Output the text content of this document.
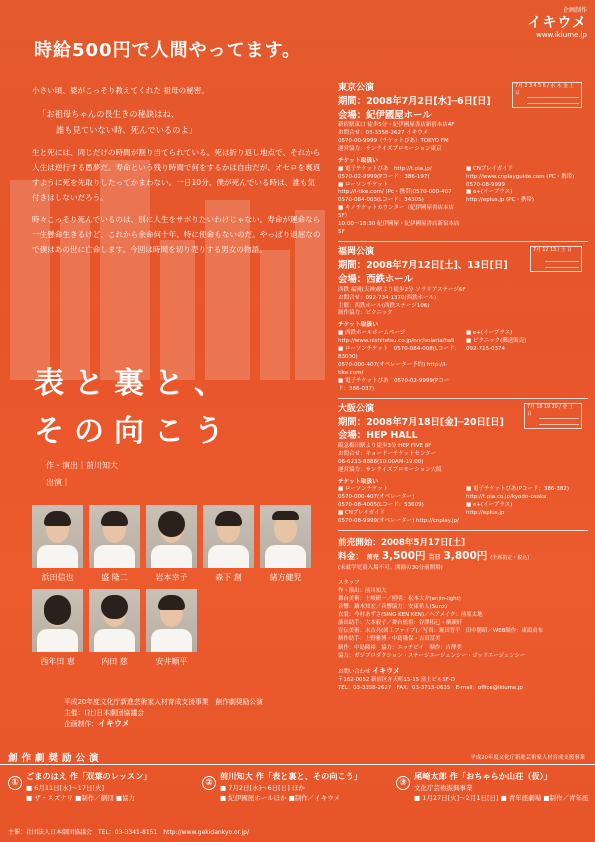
企画制作
イキウメ
www.ikiume.jp
時給500円で人間やってます。

小さい頃、婆がこっそり教えてくれた 祖母の秘密。

「お祖母ちゃんの長生きの秘訣はね、
誰も見ていない時、死んでいるのよ」

生と死には、同じだけの時間が割り当てられている。死は折り返し地点で、それから人生は逆行する愚夢だ。寿命という残り時間で何をするかは自由だが、オセロを裏返すように死を先取りしたってかまわない。一日10分、僕が死んでいる時は、誰も気付きはしないだろう。

時々こっそり死んでいるのは、別に人生をサボりたいわけじゃない。寿命が運命なら一生懸命生きるけど、これから余命何十年、特に使命もないのだ。やっぱり退屈なので僕はあの世に亡命します。今回は時間を切り売りする男女の物語。

表と裏と、
その向こう
作・演出｜前川知大
出演｜
浜田信也	盛 隆二	岩本幸子	森下 創	緒方健児
西年田 恵	内田 慈	安井順平
平成20年度文化庁新進芸術家人材育成支援事業　創作劇奨励公演
主催：(社)日本劇団協議会
企画制作：イキウメ
7月 2 3 4 5 6 / 水 木 金 土 日
東京公演
期間：2008年7月2日[水]─6日[日]
会場：紀伊國屋ホール
新宿駅東口 徒歩5分・紀伊國屋書店新宿本店4F
お問合せ：03-3358-2627 イキウメ
0570-00-9999（チケットぴあ）TOKYO FM
運営協力：サンライズプロモーション東京
チケット取扱い
■ 電子チケットぴあ　http://t.pia.jp/
0570-02-9999(Pコード：386-197)
■ ローソンチケット
http://l-tike.com/ (Pc・携帯)0570-000-407
0570-084-003(Lコード：34305)
■ キノチケットカウンター（紀伊國屋書店本店5F）
10:00～18:30 紀伊國屋・紀伊國屋書店新宿本店5F
■ CNプレイガイド
http://www.cnplayguide.com (PC・携帯)
0570-08-9999
■ e+(イープラス)
http://eplus.jp (PC・携帯)
7月 12 13 / 土 日
福岡公演
期間：2008年7月12日[土]、13日[日]
会場：西鉄ホール
西鉄 福岡(天神)駅より徒歩2分 ソラリアステージ6F
お問合せ：092-734-1370(西鉄ホール)
主催：西鉄ホール(西鉄ステージ106)
制作協力：ピクニック
チケット取扱い
■ 西鉄ホールホームページ
http://www.nishitetsu.co.jp/nnr/solaria/hall
■ ローソンチケット　0570-084-008(Lコード：83030)
0570-000-407(オペレーター予約) http://l-tike.com/
■ 電子チケットぴあ　0570-02-9999(Pコード：386-037)
■ e+(イープラス)
■ ピクニック(郵送販売)
092-715-0374
7月 18 19 20 / 金 土 日
大阪公演
期間：2008年7月18日[金]─20日[日]
会場：HEP HALL
阪急梅田駅より徒歩3分 HEP FIVE 8F
お問合せ：キョードーチケットセンター
06-6233-8888(10:00AM-19:00)
運営協力：サンライズプロモーション大阪
チケット取扱い
■ ローソンチケット
0570-000-407(オペレーター)
0570-08-4005(Lコード：53609)
■ CNプレイガイド
0570-08-9999(オペレーター) http://cnplay.jp/
■ 電子チケットぴあ(Pコード：386-382)
http://t.pia.co.jp/kyodo-osaka
■ e+(イープラス)
http://eplus.jp
前売開始：2008年5月17日[土]
料金： 前売 3,500円 当日 3,800円 (全席指定・税込)
(未就学児童入場不可。開演の30分前開場)
スタッフ
作・演出：前川知大
舞台美術：土岐研一／照明：松本大介(enjin-light)
音響：鏑木知宏／音響協力：安東希人(Sunz)
衣裳：今村あずさ(SING KEN KEN)／ヘアメイク：前原太地
演出助手：大本毅子／舞台監督：谷澤拓巳・横瀬好
宣伝美術：末吉亮(図工ファイブ)／写真：堀田晋平　田中勝昭／WEB制作：東頭由布
制作助手：上野雅博・中島隆保・吉田冨美
制作：中島隆裕　協力：エッチビイ　制作：吉澤美
協力：ガジプロダクション・ステージエージェンシー・ゴッドエージェンシー
お問い合わせ イキウメ
〒162-0052 新宿区弁天町15-15 富士ビル5F-D
TEL：03-3358-2627　FAX：03-3715-0635　E-mail：office@ikiume.jp
創作劇奨励公演	平成20年度文化庁新進芸術家人材育成支援事業
①
ごまのはえ 作「双葉のレッスン」
■ 6月11日[水]～17日[火]
■ ザ・スズナリ ■制作／劇団 ■協力
②
前川知大 作「表と裏と、その向こう」
■ 7月2日[水]～6日[日] ほか
■ 紀伊國屋ホールほか ■制作／イキウメ
③
尾崎太郎 作「おちゃらか山荘（仮）」
文化庁芸術振興事業
■ 1月27日[火]～2月1日[日] ■ 青年座劇場 ■制作／青年座
主催：社団法人日本劇団協議会　TEL：03-3341-8151　http://www.gekidankyo.or.jp/
